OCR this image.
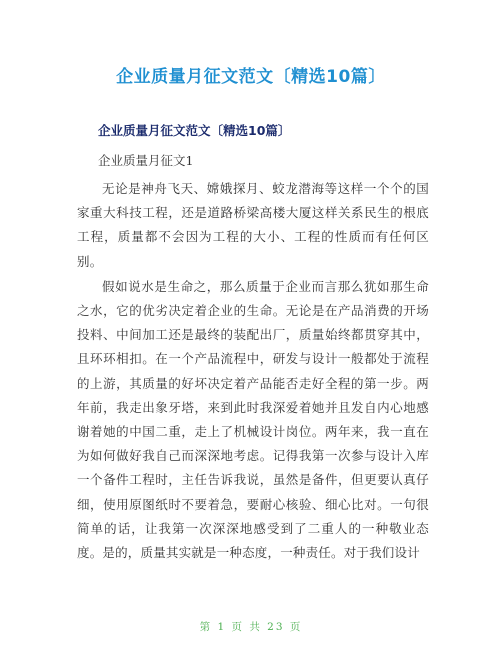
企业质量月征文范文〔精选10篇〕
企业质量月征文范文〔精选10篇〕
企业质量月征文1

无论是神舟飞天、嫦娥探月、蛟龙潜海等这样一个个的国家重大科技工程，还是道路桥梁高楼大厦这样关系民生的根底工程，质量都不会因为工程的大小、工程的性质而有任何区别。

假如说水是生命之，那么质量于企业而言那么犹如那生命之水，它的优劣决定着企业的生命。无论是在产品消费的开场投料、中间加工还是最终的装配出厂，质量始终都贯穿其中，且环环相扣。在一个产品流程中，研发与设计一般都处于流程的上游，其质量的好坏决定着产品能否走好全程的第一步。两年前，我走出象牙塔，来到此时我深爱着她并且发自内心地感谢着她的中国二重，走上了机械设计岗位。两年来，我一直在为如何做好我自己而深深地考虑。记得我第一次参与设计入库一个备件工程时，主任告诉我说，虽然是备件，但更要认真仔细，使用原图纸时不要着急，要耐心核验、细心比对。一句很简单的话，让我第一次深深地感受到了二重人的一种敬业态度。是的，质量其实就是一种态度，一种责任。对于我们设计

第 1 页 共 23 页
